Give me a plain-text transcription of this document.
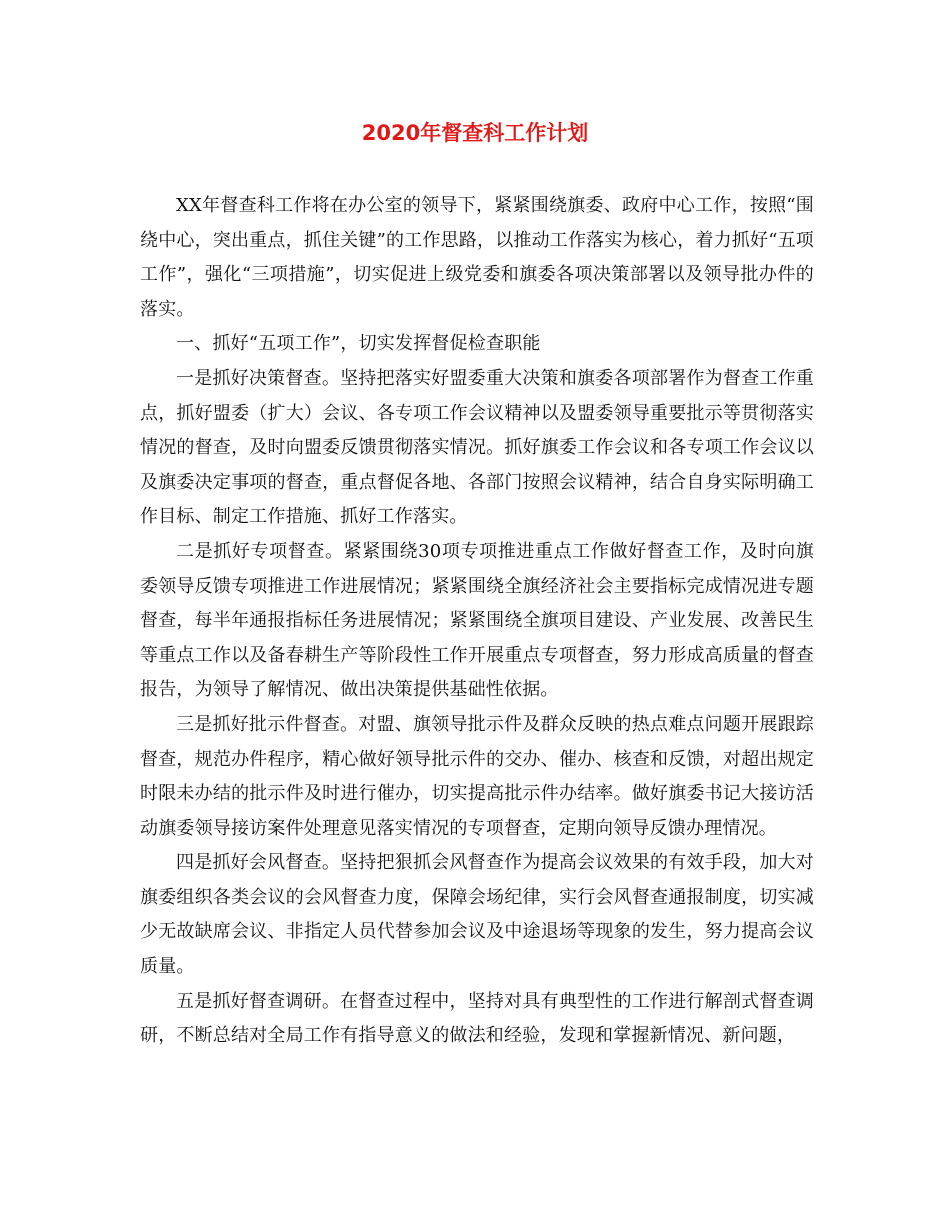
2020年督查科工作计划

XX年督查科工作将在办公室的领导下，紧紧围绕旗委、政府中心工作，按照“围绕中心，突出重点，抓住关键”的工作思路，以推动工作落实为核心，着力抓好“五项工作”，强化“三项措施”，切实促进上级党委和旗委各项决策部署以及领导批办件的落实。

一、抓好“五项工作”，切实发挥督促检查职能

一是抓好决策督查。坚持把落实好盟委重大决策和旗委各项部署作为督查工作重点，抓好盟委（扩大）会议、各专项工作会议精神以及盟委领导重要批示等贯彻落实情况的督查，及时向盟委反馈贯彻落实情况。抓好旗委工作会议和各专项工作会议以及旗委决定事项的督查，重点督促各地、各部门按照会议精神，结合自身实际明确工作目标、制定工作措施、抓好工作落实。

二是抓好专项督查。紧紧围绕30项专项推进重点工作做好督查工作，及时向旗委领导反馈专项推进工作进展情况；紧紧围绕全旗经济社会主要指标完成情况进专题督查，每半年通报指标任务进展情况；紧紧围绕全旗项目建设、产业发展、改善民生等重点工作以及备春耕生产等阶段性工作开展重点专项督查，努力形成高质量的督查报告，为领导了解情况、做出决策提供基础性依据。

三是抓好批示件督查。对盟、旗领导批示件及群众反映的热点难点问题开展跟踪督查，规范办件程序，精心做好领导批示件的交办、催办、核查和反馈，对超出规定时限未办结的批示件及时进行催办，切实提高批示件办结率。做好旗委书记大接访活动旗委领导接访案件处理意见落实情况的专项督查，定期向领导反馈办理情况。

四是抓好会风督查。坚持把狠抓会风督查作为提高会议效果的有效手段，加大对旗委组织各类会议的会风督查力度，保障会场纪律，实行会风督查通报制度，切实减少无故缺席会议、非指定人员代替参加会议及中途退场等现象的发生，努力提高会议质量。

五是抓好督查调研。在督查过程中，坚持对具有典型性的工作进行解剖式督查调研，不断总结对全局工作有指导意义的做法和经验，发现和掌握新情况、新问题，
